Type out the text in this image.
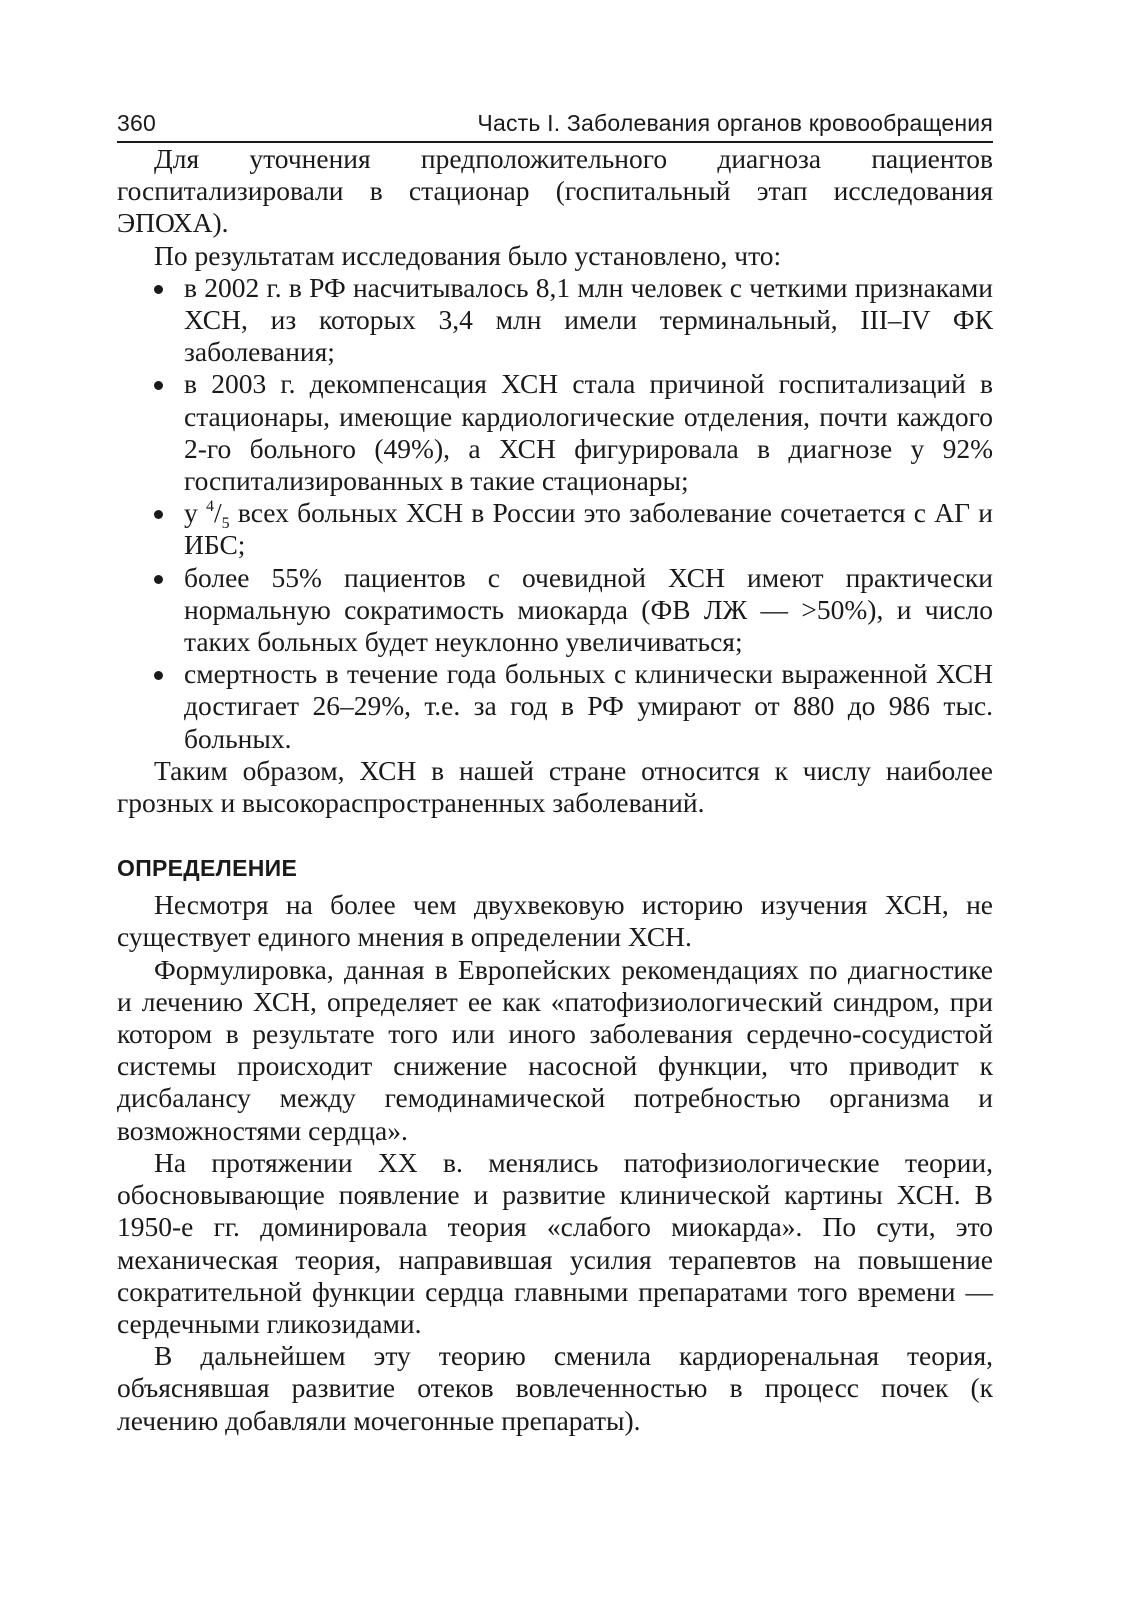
360	Часть I. Заболевания органов кровообращения

Для уточнения предположительного диагноза пациентов госпитализировали в стационар (госпитальный этап исследования ЭПОХА).

По результатам исследования было установлено, что:

в 2002 г. в РФ насчитывалось 8,1 млн человек с четкими признаками ХСН, из которых 3,4 млн имели терминальный, III–IV ФК заболевания;
в 2003 г. декомпенсация ХСН стала причиной госпитализаций в стационары, имеющие кардиологические отделения, почти каждого 2-го больного (49%), а ХСН фигурировала в диагнозе у 92% госпитализированных в такие стационары;
у $^4/_5$ всех больных ХСН в России это заболевание сочетается с АГ и ИБС;
более 55% пациентов с очевидной ХСН имеют практически нормальную сократимость миокарда (ФВ ЛЖ — >50%), и число таких больных будет неуклонно увеличиваться;
смертность в течение года больных с клинически выраженной ХСН достигает 26–29%, т.е. за год в РФ умирают от 880 до 986 тыс. больных.

Таким образом, ХСН в нашей стране относится к числу наиболее грозных и высокораспространенных заболеваний.

ОПРЕДЕЛЕНИЕ

Несмотря на более чем двухвековую историю изучения ХСН, не существует единого мнения в определении ХСН.

Формулировка, данная в Европейских рекомендациях по диагностике и лечению ХСН, определяет ее как «патофизиологический синдром, при котором в результате того или иного заболевания сердечно-сосудистой системы происходит снижение насосной функции, что приводит к дисбалансу между гемодинамической потребностью организма и возможностями сердца».

На протяжении XX в. менялись патофизиологические теории, обосновывающие появление и развитие клинической картины ХСН. В 1950-е гг. доминировала теория «слабого миокарда». По сути, это механическая теория, направившая усилия терапевтов на повышение сократительной функции сердца главными препаратами того времени — сердечными гликозидами.

В дальнейшем эту теорию сменила кардиоренальная теория, объяснявшая развитие отеков вовлеченностью в процесс почек (к лечению добавляли мочегонные препараты).
